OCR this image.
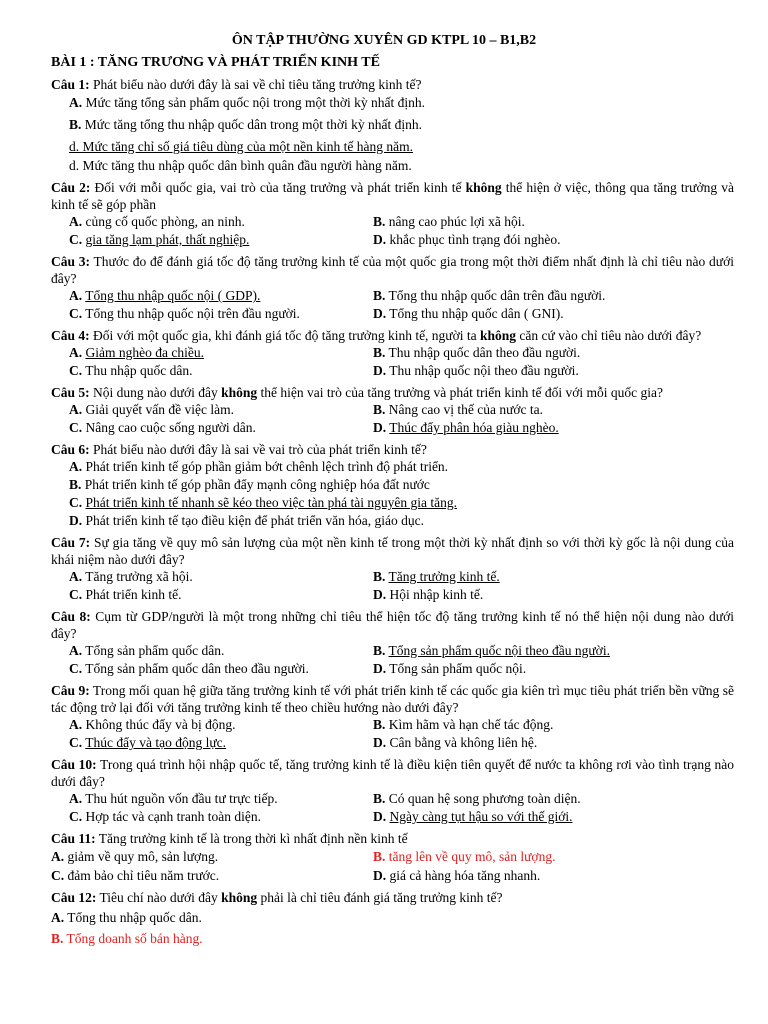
ÔN TẬP THƯỜNG XUYÊN GD KTPL 10 – B1,B2
BÀI 1 : TĂNG TRƯƠNG VÀ PHÁT TRIỂN KINH TẾ

Câu 1: Phát biểu nào dưới đây là sai về chỉ tiêu tăng trưởng kinh tế?

A. Mức tăng tổng sản phẩm quốc nội trong một thời kỳ nhất định.

B. Mức tăng tổng thu nhập quốc dân trong một thời kỳ nhất định.

d. Mức tăng chỉ số giá tiêu dùng của một nền kinh tế hàng năm.

d. Mức tăng thu nhập quốc dân bình quân đầu người hàng năm.

Câu 2: Đối với mỗi quốc gia, vai trò của tăng trưởng và phát triển kinh tế không thể hiện ở việc, thông qua tăng trưởng và kinh tế sẽ góp phần

A. củng cố quốc phòng, an ninh.	B. nâng cao phúc lợi xã hội.
C. gia tăng lạm phát, thất nghiệp.	D. khắc phục tình trạng đói nghèo.

Câu 3: Thước đo để đánh giá tốc độ tăng trưởng kinh tế của một quốc gia trong một thời điểm nhất định là chỉ tiêu nào dưới đây?

A. Tổng thu nhập quốc nội ( GDP).	B. Tổng thu nhập quốc dân trên đầu người.
C. Tổng thu nhập quốc nội trên đầu người.	D. Tổng thu nhập quốc dân ( GNI).

Câu 4: Đối với một quốc gia, khi đánh giá tốc độ tăng trưởng kinh tế, người ta không căn cứ vào chỉ tiêu nào dưới đây?

A. Giảm nghèo đa chiều.	B. Thu nhập quốc dân theo đầu người.
C. Thu nhập quốc dân.	D. Thu nhập quốc nội theo đầu người.

Câu 5: Nội dung nào dưới đây không thể hiện vai trò của tăng trưởng và phát triển kinh tế đối với mỗi quốc gia?

A. Giải quyết vấn đề việc làm.	B. Nâng cao vị thế của nước ta.
C. Nâng cao cuộc sống người dân.	D. Thúc đẩy phân hóa giàu nghèo.

Câu 6: Phát biểu nào dưới đây là sai về vai trò của phát triển kinh tế?

A. Phát triển kinh tế góp phần giảm bớt chênh lệch trình độ phát triển.

B. Phát triển kinh tế góp phần đẩy mạnh công nghiệp hóa đất nước

C. Phát triển kinh tế nhanh sẽ kéo theo việc tàn phá tài nguyên gia tăng.

D. Phát triển kinh tế tạo điều kiện để phát triển văn hóa, giáo dục.

Câu 7: Sự gia tăng về quy mô sản lượng của một nền kinh tế trong một thời kỳ nhất định so với thời kỳ gốc là nội dung của khái niệm nào dưới đây?

A. Tăng trưởng xã hội.	B. Tăng trưởng kinh tế.
C. Phát triển kinh tế.	D. Hội nhập kinh tế.

Câu 8: Cụm từ GDP/người là một trong những chỉ tiêu thể hiện tốc độ tăng trưởng kinh tế nó thể hiện nội dung nào dưới đây?

A. Tổng sản phẩm quốc dân.	B. Tổng sản phẩm quốc nội theo đầu người.
C. Tổng sản phẩm quốc dân theo đầu người.	D. Tổng sản phẩm quốc nội.

Câu 9: Trong mối quan hệ giữa tăng trưởng kinh tế với phát triển kinh tế các quốc gia kiên trì mục tiêu phát triển bền vững sẽ tác động trở lại đối với tăng trưởng kinh tế theo chiều hướng nào dưới đây?

A. Không thúc đẩy và bị động.	B. Kìm hãm và hạn chế tác động.
C. Thúc đẩy và tạo động lực.	D. Cân bằng và không liên hệ.

Câu 10: Trong quá trình hội nhập quốc tế, tăng trưởng kinh tế là điều kiện tiên quyết để nước ta không rơi vào tình trạng nào dưới đây?

A. Thu hút nguồn vốn đầu tư trực tiếp.	B. Có quan hệ song phương toàn diện.
C. Hợp tác và cạnh tranh toàn diện.	D. Ngày càng tụt hậu so với thế giới.

Câu 11: Tăng trưởng kinh tế là trong thời kì nhất định nền kinh tế

A. giảm về quy mô, sản lượng.	B. tăng lên về quy mô, sản lượng.
C. đảm bảo chỉ tiêu năm trước.	D. giá cả hàng hóa tăng nhanh.

Câu 12: Tiêu chí nào dưới đây không phải là chỉ tiêu đánh giá tăng trưởng kinh tế?

A. Tổng thu nhập quốc dân.

B. Tổng doanh số bán hàng.
